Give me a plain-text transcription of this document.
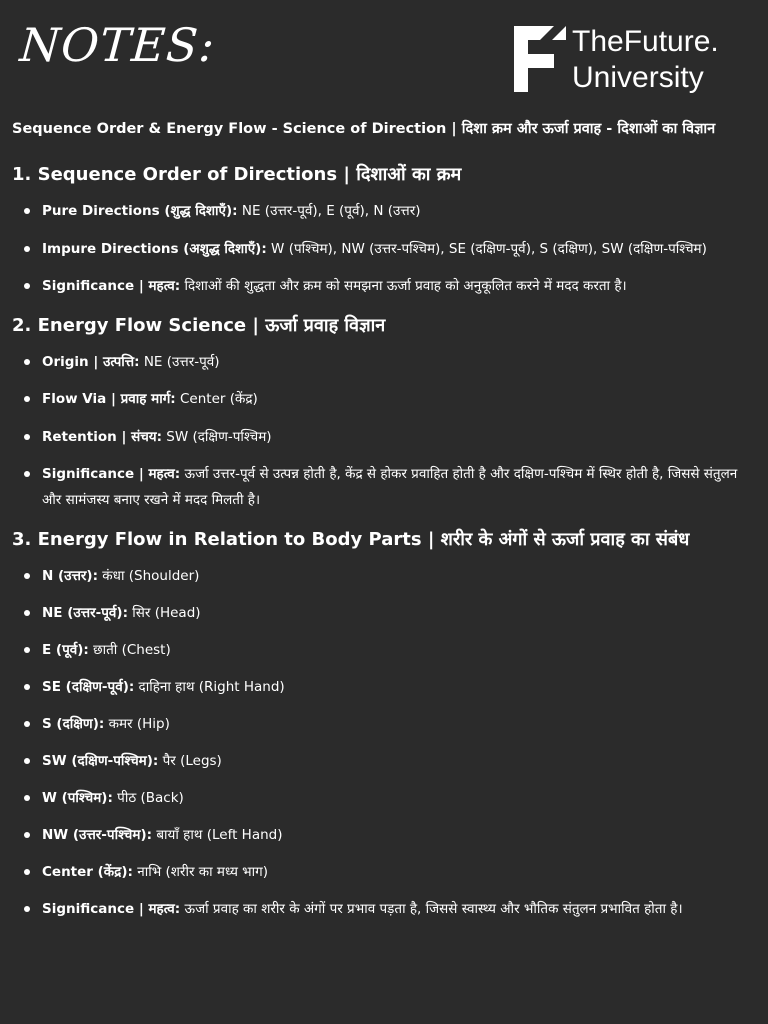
NOTES:	TheFuture.
University
Sequence Order & Energy Flow - Science of Direction | दिशा क्रम और ऊर्जा प्रवाह - दिशाओं का विज्ञान
1. Sequence Order of Directions | दिशाओं का क्रम
Pure Directions (शुद्ध दिशाएँ): NE (उत्तर-पूर्व), E (पूर्व), N (उत्तर)
Impure Directions (अशुद्ध दिशाएँ): W (पश्चिम), NW (उत्तर-पश्चिम), SE (दक्षिण-पूर्व), S (दक्षिण), SW (दक्षिण-पश्चिम)
Significance | महत्व: दिशाओं की शुद्धता और क्रम को समझना ऊर्जा प्रवाह को अनुकूलित करने में मदद करता है।
2. Energy Flow Science | ऊर्जा प्रवाह विज्ञान
Origin | उत्पत्ति: NE (उत्तर-पूर्व)
Flow Via | प्रवाह मार्ग: Center (केंद्र)
Retention | संचय: SW (दक्षिण-पश्चिम)
Significance | महत्व: ऊर्जा उत्तर-पूर्व से उत्पन्न होती है, केंद्र से होकर प्रवाहित होती है और दक्षिण-पश्चिम में स्थिर होती है, जिससे संतुलन और सामंजस्य बनाए रखने में मदद मिलती है।
3. Energy Flow in Relation to Body Parts | शरीर के अंगों से ऊर्जा प्रवाह का संबंध
N (उत्तर): कंधा (Shoulder)
NE (उत्तर-पूर्व): सिर (Head)
E (पूर्व): छाती (Chest)
SE (दक्षिण-पूर्व): दाहिना हाथ (Right Hand)
S (दक्षिण): कमर (Hip)
SW (दक्षिण-पश्चिम): पैर (Legs)
W (पश्चिम): पीठ (Back)
NW (उत्तर-पश्चिम): बायाँ हाथ (Left Hand)
Center (केंद्र): नाभि (शरीर का मध्य भाग)
Significance | महत्व: ऊर्जा प्रवाह का शरीर के अंगों पर प्रभाव पड़ता है, जिससे स्वास्थ्य और भौतिक संतुलन प्रभावित होता है।
